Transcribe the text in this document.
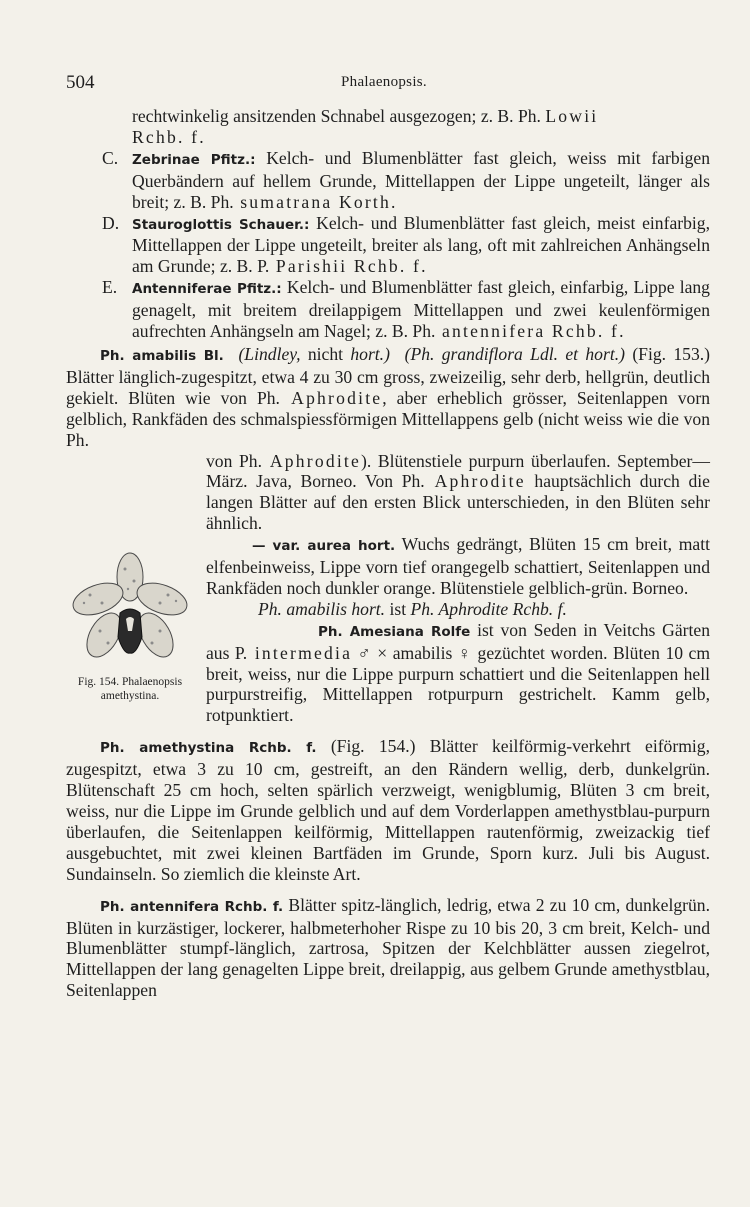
504	Phalaenopsis.

rechtwinkelig ansitzenden Schnabel ausgezogen; z. B. Ph. Lowii
Rchb. f.

C. Zebrinae Pfitz.: Kelch- und Blumenblätter fast gleich, weiss mit farbigen Querbändern auf hellem Grunde, Mittellappen der Lippe ungeteilt, länger als breit; z. B. Ph. sumatrana Korth.

D. Stauroglottis Schauer.: Kelch- und Blumenblätter fast gleich, meist einfarbig, Mittellappen der Lippe ungeteilt, breiter als lang, oft mit zahlreichen Anhängseln am Grunde; z. B. P. Parishii Rchb. f.

E. Antenniferae Pfitz.: Kelch- und Blumenblätter fast gleich, einfarbig, Lippe lang genagelt, mit breitem dreilappigem Mittellappen und zwei keulenförmigen aufrechten Anhängseln am Nagel; z. B. Ph. antennifera Rchb. f.

Ph. amabilis Bl. (Lindley, nicht hort.) (Ph. grandiflora Ldl. et hort.) (Fig. 153.) Blätter länglich-zugespitzt, etwa 4 zu 30 cm gross, zweizeilig, sehr derb, hellgrün, deutlich gekielt. Blüten wie von Ph. Aphrodite, aber erheblich grösser, Seitenlappen vorn gelblich, Rankfäden des schmalspiessförmigen Mittellappens gelb (nicht weiss wie die von Ph.

Fig. 154. Phalaenopsis amethystina.

von Ph. Aphrodite). Blütenstiele purpurn überlaufen. September—März. Java, Borneo. Von Ph. Aphrodite hauptsächlich durch die langen Blätter auf den ersten Blick unterschieden, in den Blüten sehr ähnlich.

— var. aurea hort. Wuchs gedrängt, Blüten 15 cm breit, matt elfenbeinweiss, Lippe vorn tief orangegelb schattiert, Seitenlappen und Rankfäden noch dunkler orange. Blütenstiele gelblich-grün. Borneo.

Ph. amabilis hort. ist Ph. Aphrodite Rchb. f.

Ph. Amesiana Rolfe ist von Seden in Veitchs Gärten aus P. intermedia ♂ × amabilis ♀ gezüchtet worden. Blüten 10 cm breit, weiss, nur die Lippe purpurn schattiert und die Seitenlappen hell purpurstreifig, Mittellappen rotpurpurn gestrichelt. Kamm gelb, rotpunktiert.

Ph. amethystina Rchb. f. (Fig. 154.) Blätter keilförmig-verkehrt eiförmig, zugespitzt, etwa 3 zu 10 cm, gestreift, an den Rändern wellig, derb, dunkelgrün. Blütenschaft 25 cm hoch, selten spärlich verzweigt, wenigblumig, Blüten 3 cm breit, weiss, nur die Lippe im Grunde gelblich und auf dem Vorderlappen amethystblau-purpurn überlaufen, die Seitenlappen keilförmig, Mittellappen rautenförmig, zweizackig tief ausgebuchtet, mit zwei kleinen Bartfäden im Grunde, Sporn kurz. Juli bis August. Sundainseln. So ziemlich die kleinste Art.

Ph. antennifera Rchb. f. Blätter spitz-länglich, ledrig, etwa 2 zu 10 cm, dunkelgrün. Blüten in kurzästiger, lockerer, halbmeterhoher Rispe zu 10 bis 20, 3 cm breit, Kelch- und Blumenblätter stumpf-länglich, zartrosa, Spitzen der Kelchblätter aussen ziegelrot, Mittellappen der lang genagelten Lippe breit, dreilappig, aus gelbem Grunde amethystblau, Seitenlappen
